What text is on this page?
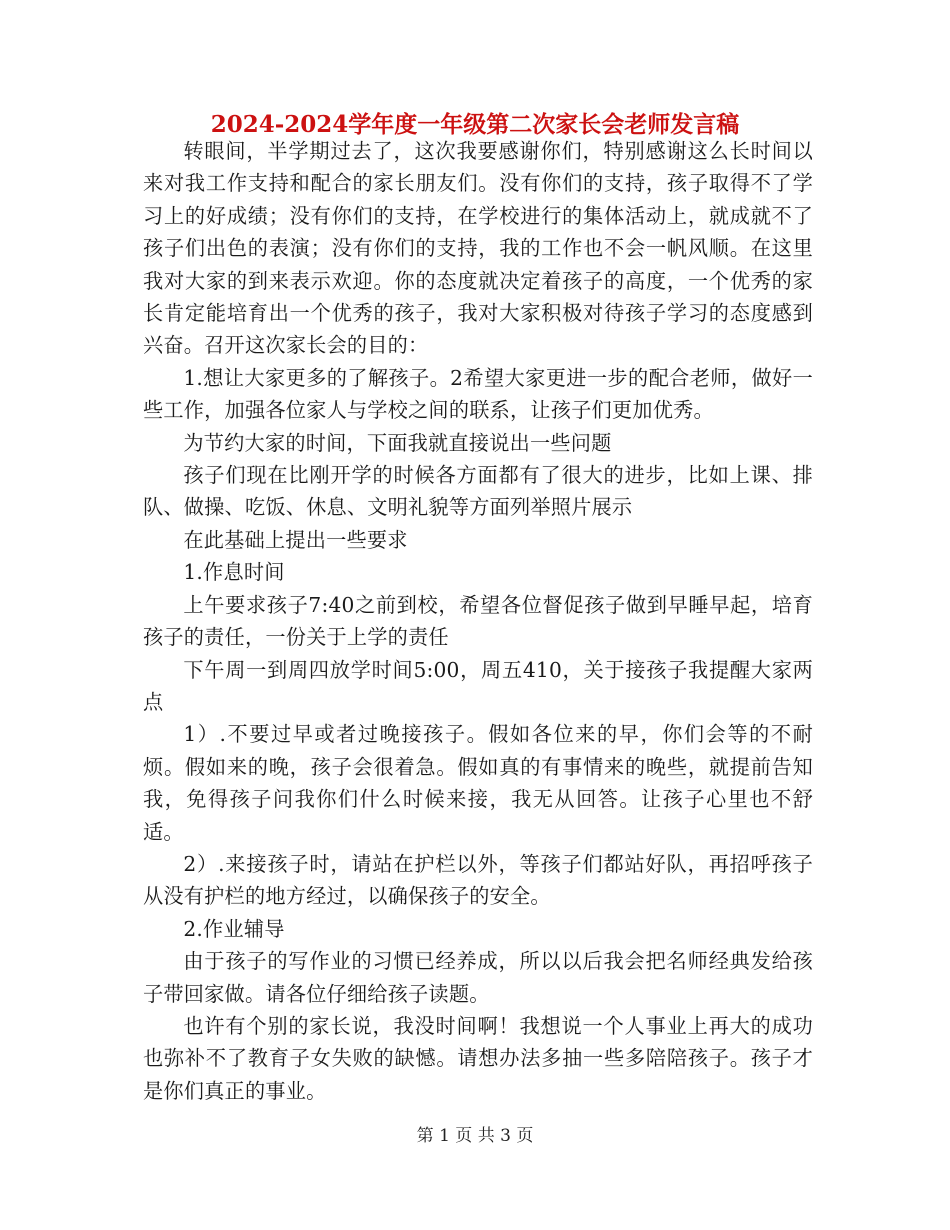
2024-2024学年度一年级第二次家长会老师发言稿

转眼间，半学期过去了，这次我要感谢你们，特别感谢这么长时间以来对我工作支持和配合的家长朋友们。没有你们的支持，孩子取得不了学习上的好成绩；没有你们的支持，在学校进行的集体活动上，就成就不了孩子们出色的表演；没有你们的支持，我的工作也不会一帆风顺。在这里我对大家的到来表示欢迎。你的态度就决定着孩子的高度，一个优秀的家长肯定能培育出一个优秀的孩子，我对大家积极对待孩子学习的态度感到兴奋。召开这次家长会的目的：

1.想让大家更多的了解孩子。2希望大家更进一步的配合老师，做好一些工作，加强各位家人与学校之间的联系，让孩子们更加优秀。

为节约大家的时间，下面我就直接说出一些问题

孩子们现在比刚开学的时候各方面都有了很大的进步，比如上课、排队、做操、吃饭、休息、文明礼貌等方面列举照片展示

在此基础上提出一些要求

1.作息时间

上午要求孩子7:40之前到校，希望各位督促孩子做到早睡早起，培育孩子的责任，一份关于上学的责任

下午周一到周四放学时间5:00，周五410，关于接孩子我提醒大家两点

1）.不要过早或者过晚接孩子。假如各位来的早，你们会等的不耐烦。假如来的晚，孩子会很着急。假如真的有事情来的晚些，就提前告知我，免得孩子问我你们什么时候来接，我无从回答。让孩子心里也不舒适。

2）.来接孩子时，请站在护栏以外，等孩子们都站好队，再招呼孩子从没有护栏的地方经过，以确保孩子的安全。

2.作业辅导

由于孩子的写作业的习惯已经养成，所以以后我会把名师经典发给孩子带回家做。请各位仔细给孩子读题。

也许有个别的家长说，我没时间啊！我想说一个人事业上再大的成功也弥补不了教育子女失败的缺憾。请想办法多抽一些多陪陪孩子。孩子才是你们真正的事业。

第 1 页 共 3 页
